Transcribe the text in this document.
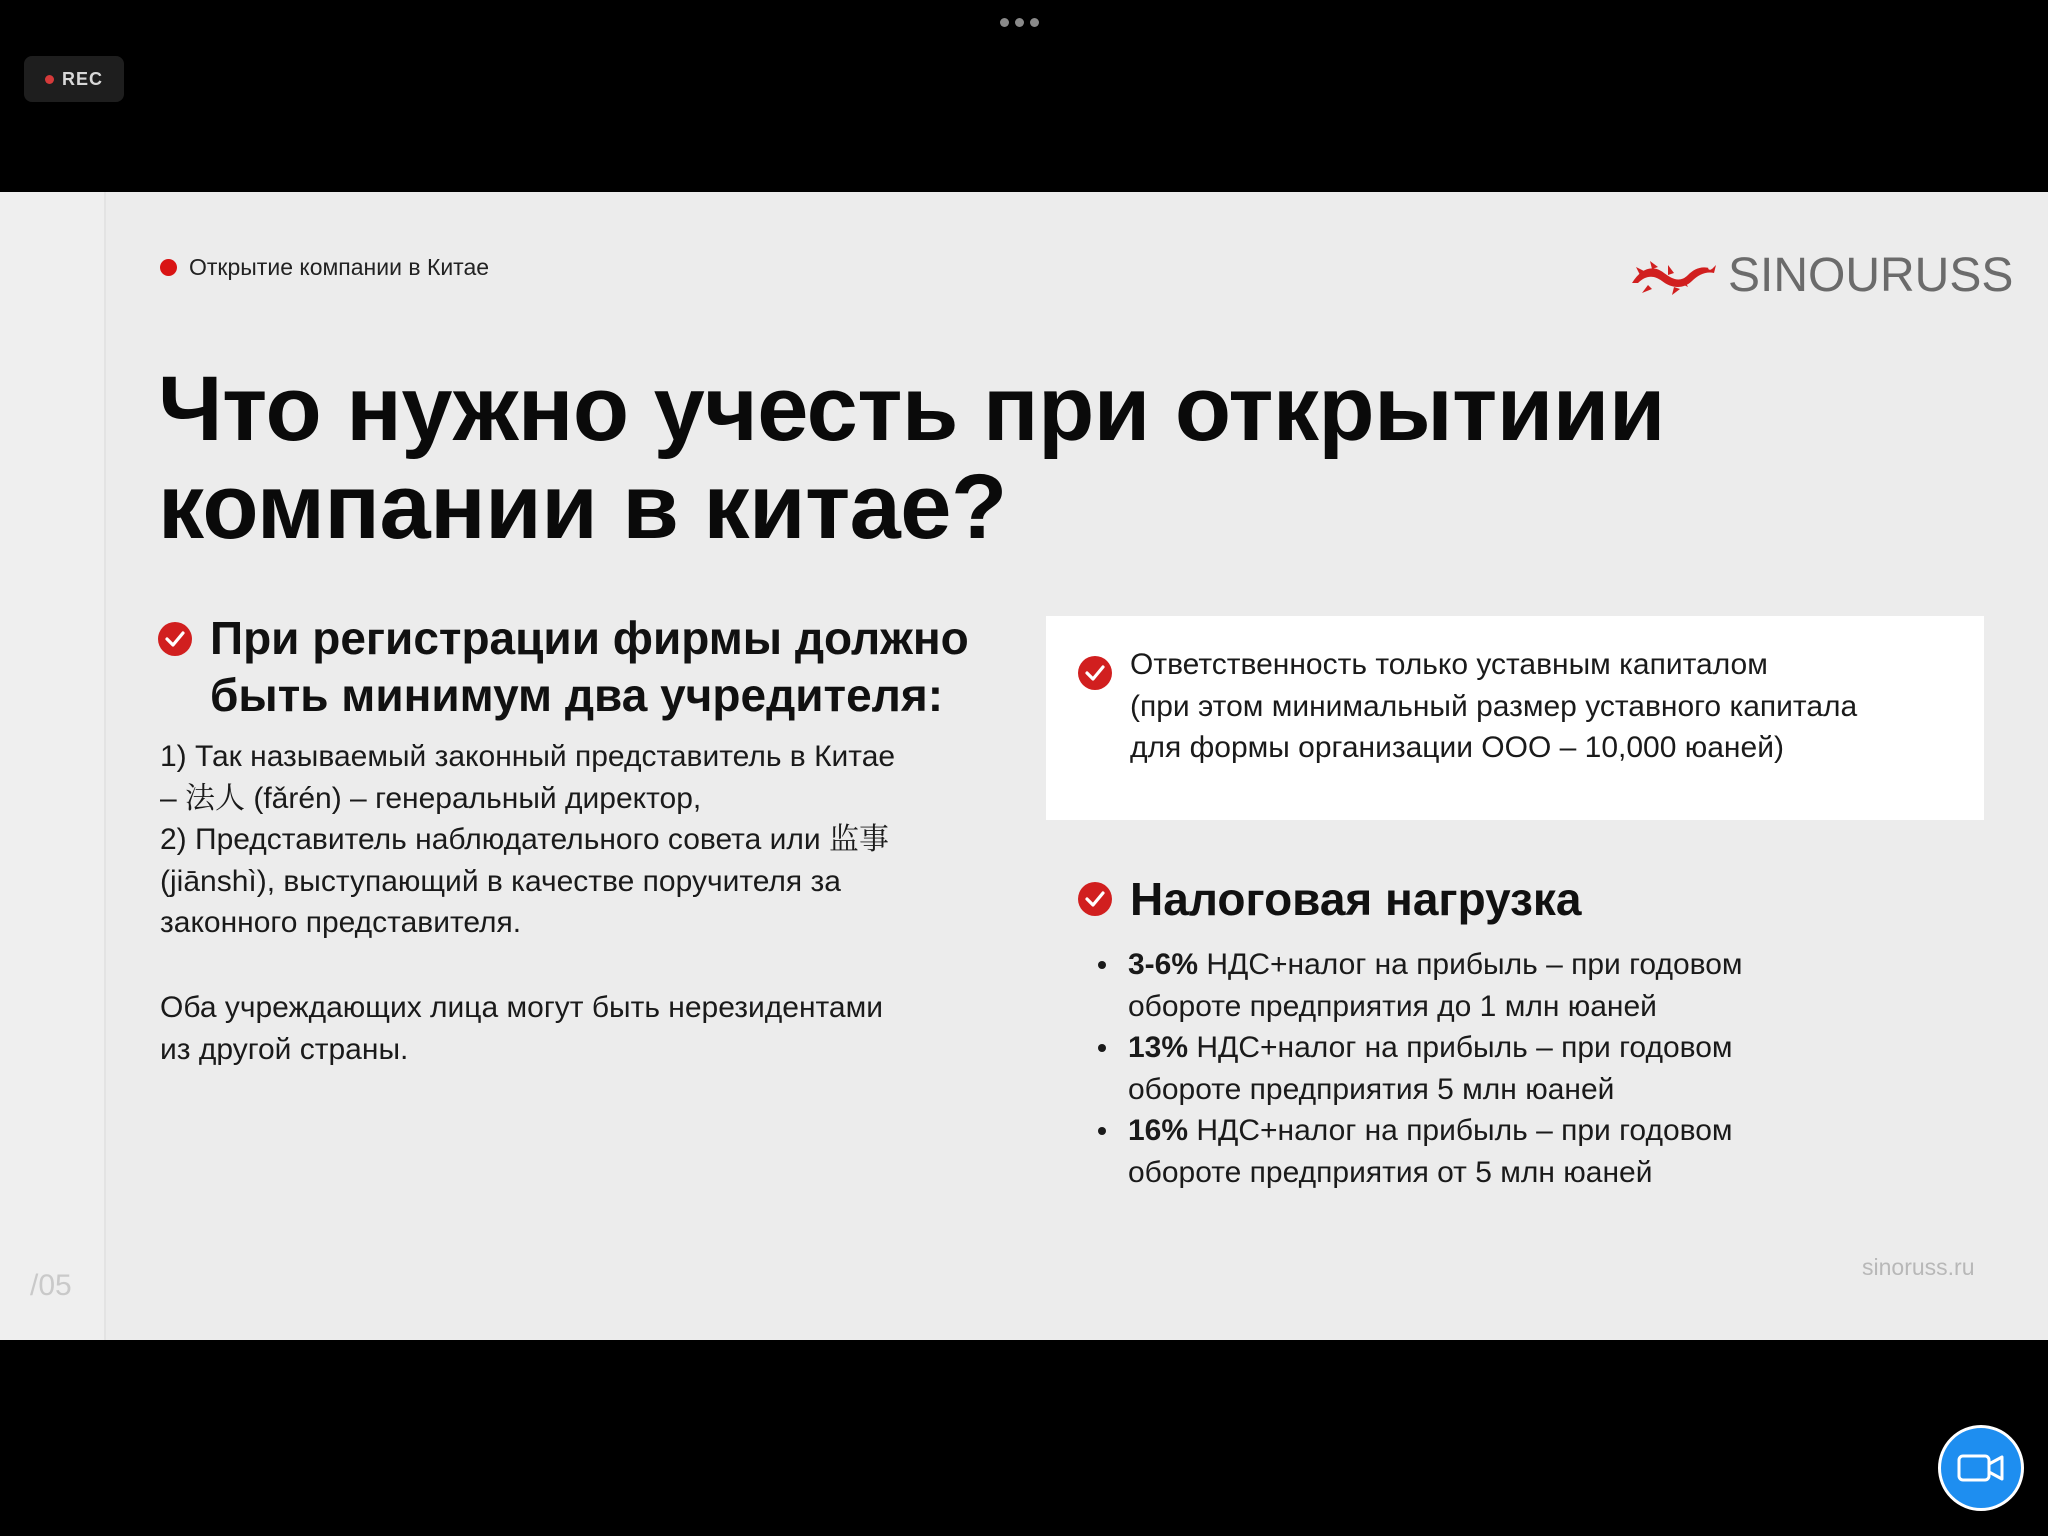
REC
/05
Открытие компании в Китае	SINOURUSS
Что нужно учесть при открытиии
компании в китае?
При регистрации фирмы должно
быть минимум два учредителя:
1) Так называемый законный представитель в Китае
– 法人 (fǎrén) – генеральный директор,
2) Представитель наблюдательного совета или 监事
(jiānshì), выступающий в качестве поручителя за
законного представителя.
Оба учреждающих лица могут быть нерезидентами
из другой страны.
Ответственность только уставным капиталом
(при этом минимальный размер уставного капитала
для формы организации ООО – 10,000 юаней)
Налоговая нагрузка
3-6% НДС+налог на прибыль – при годовом
обороте предприятия до 1 млн юаней
13% НДС+налог на прибыль – при годовом
обороте предприятия 5 млн юаней
16% НДС+налог на прибыль – при годовом
обороте предприятия от 5 млн юаней
sinoruss.ru
